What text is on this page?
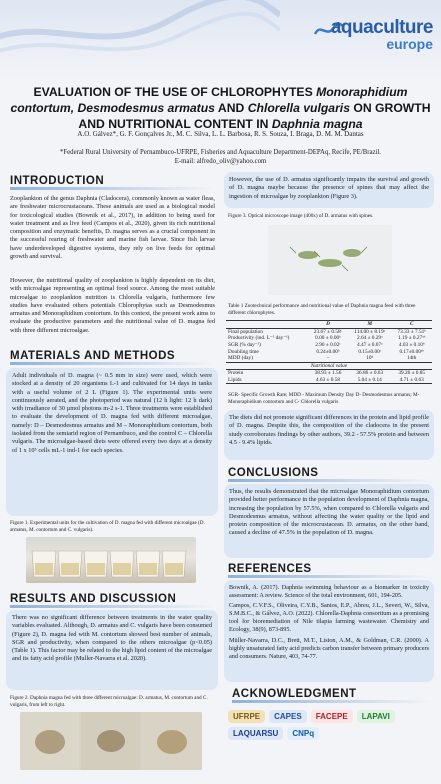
aquaculture
europe
EVALUATION OF THE USE OF CHLOROPHYTES Monoraphidium
contortum, Desmodesmus armatus AND Chlorella vulgaris ON GROWTH
AND NUTRITIONAL CONTENT IN Daphnia magna
A.O. Gálvez*, G. F. Gonçalves Jr., M. C. Silva, L. L. Barbosa, R. S. Souza, I. Braga, D. M. M. Dantas
*Federal Rural University of Pernambuco-UFRPE, Fisheries and Aquaculture Department-DEPAq, Recife, PE/Brazil.
E-mail: alfredo_oliv@yahoo.com
INTRODUCTION
Zooplankton of the genus Daphnia (Cladocera), commonly known as water fleas, are freshwater microcrustaceans. These animals are used as a biological model for toxicological studies (Bownik et al., 2017), in addition to being used for water treatment and as live feed (Campos et al., 2020), given its rich nutritional composition and enzymatic benefits, D. magna serves as a crucial component in the successful rearing of freshwater and marine fish larvae. Since fish larvae have underdeveloped digestive systems, they rely on live feeds for optimal growth and survival.
However, the nutritional quality of zooplankton is highly dependent on its diet, with microalgae representing an optimal food source. Among the most suitable microalgae to zooplankton nutrition is Chlorella vulgaris, furthermore few studies have evaluated others potentials Chlorophytas such as Desmodesmus armatus and Monoraphidium contortum. In this context, the present work aims to evaluate the productive parameters and the nutritional value of D. magna fed with three different microalgae.
MATERIALS AND METHODS
Adult individuals of D. magna (~ 0.5 mm in size) were used, which were stocked at a density of 20 organisms L-1 and cultivated for 14 days in tanks with a useful volume of 2 L (Figure 1). The experimental units were continuously aerated, and the photoperiod was natural (12 h light: 12 h dark) with irradiance of 30 µmol photons m-2 s-1. Three treatments were established to evaluate the development of D. magna fed with different microalgae, namely: D – Desmodesmus armatus and M – Monoraphidium contortum, both isolated from the semiarid region of Pernambuco, and the control C – Chlorella vulgaris. The microalgae-based diets were offered every two days at a density of 1 x 10⁵ cells mL-1 ind-1 for each species.
Figure 1. Experimental units for the cultivation of D. magna fed with different microalgae (D. armatus, M. contortum and C. vulgaris).
RESULTS AND DISCUSSION
There was no significant difference between treatments in the water quality variables evaluated. Although, D. armatus and C. vulgaris have been consumed (Figure 2), D. magna fed with M. contortum showed best number of animals, SGR and productivity, when compared to the others microalgae (p<0.05) (Table 1). This factor may be related to the high lipid content of the microalgae and its fatty acid profile (Muller-Navarra et al. 2020).
Figure 2. Daphnia magna fed with three different microalgae: D. armatus, M. contortum and C. vulgaris, from left to right.
However, the use of D. armatus significantly impairs the survival and growth of D. magna maybe because the presence of spines that may affect the ingestion of microalgae by zooplankton (Figure 3).
Figure 3. Optical microscope image (400x) of D. armatus with spines.
Table 1 Zootechnical performance and nutritional value of Daphnia magna feed with three different chlorophytes.
	D	M	C
Final population	23.67 ± 0.58ᶜ	114.00 ± 8.19ᵃ	73.33 ± 7.51ᵇ
Productivity (ind. L⁻¹ day⁻¹)	0.00 ± 0.00ᵇ	2.64 ± 0.29ᵃ	1.19 ± 0.27ᵃᵇ
SGR (% day⁻¹)	2.90 ± 0.02ᶜ	4.47 ± 0.07ᵃ	4.03 ± 0.10ᵇ
Doubling time	0.24±0.00ᵇ	0.15±0.00ᶜ	0.17±0.00ᵃᵇ
MDD (day)	–	10ᵈ	14th
Nutritional value			
Protein	38.93 ± 1.56	36.86 ± 0.63	39.26 ± 0.85
Lipids	4.63 ± 0.58	5.04 ± 0.14	4.71 ± 0.63
SGR- Specific Growth Rate; MDD - Maximum Density Day D- Desmodesmus armatus; M-Monoraphidium contortum and C- Chlorella vulgaris
The diets did not promote significant differences in the protein and lipid profile of D. magna. Despite this, the composition of the cladocera in the present study corroborates findings by other authors, 39.2 - 57.5% protein and between 4.5 - 9.4% lipids.
CONCLUSIONS
Thus, the results demonstrated that the microalgae Monoraphidium contortum provided better performance in the population development of Daphnia magna, increasing the population by 57.5%, when compared to Chlorella vulgaris and Desmodesmus armatus, without affecting the water quality or the lipid and protein composition of the microcrustacean. D. armatus, on the other hand, caused a decline of 47.5% in the population of D. magna.
REFERENCES
Bownik, A. (2017). Daphnia swimming behaviour as a biomarker in toxicity assessment: A review. Science of the total environment, 601, 194-205.
Campos, C.V.F.S., Oliveira, C.Y.B., Santos, E.P., Abreu, J.L., Severi, W., Silva, S.M.B.C., & Gálvez, A.O. (2022). Chlorella-Daphnia consortium as a promising tool for bioremediation of Nile tilapia farming wastewater. Chemistry and Ecology, 38(9), 873-895.
Müller-Navarra, D.C., Brett, M.T., Liston, A.M., & Goldman, C.R. (2000). A highly unsaturated fatty acid predicts carbon transfer between primary producers and consumers. Nature, 403, 74-77.
ACKNOWLEDGMENT
UFRPE	CAPES	FACEPE	LAPAVI
LAQUARSU	CNPq
